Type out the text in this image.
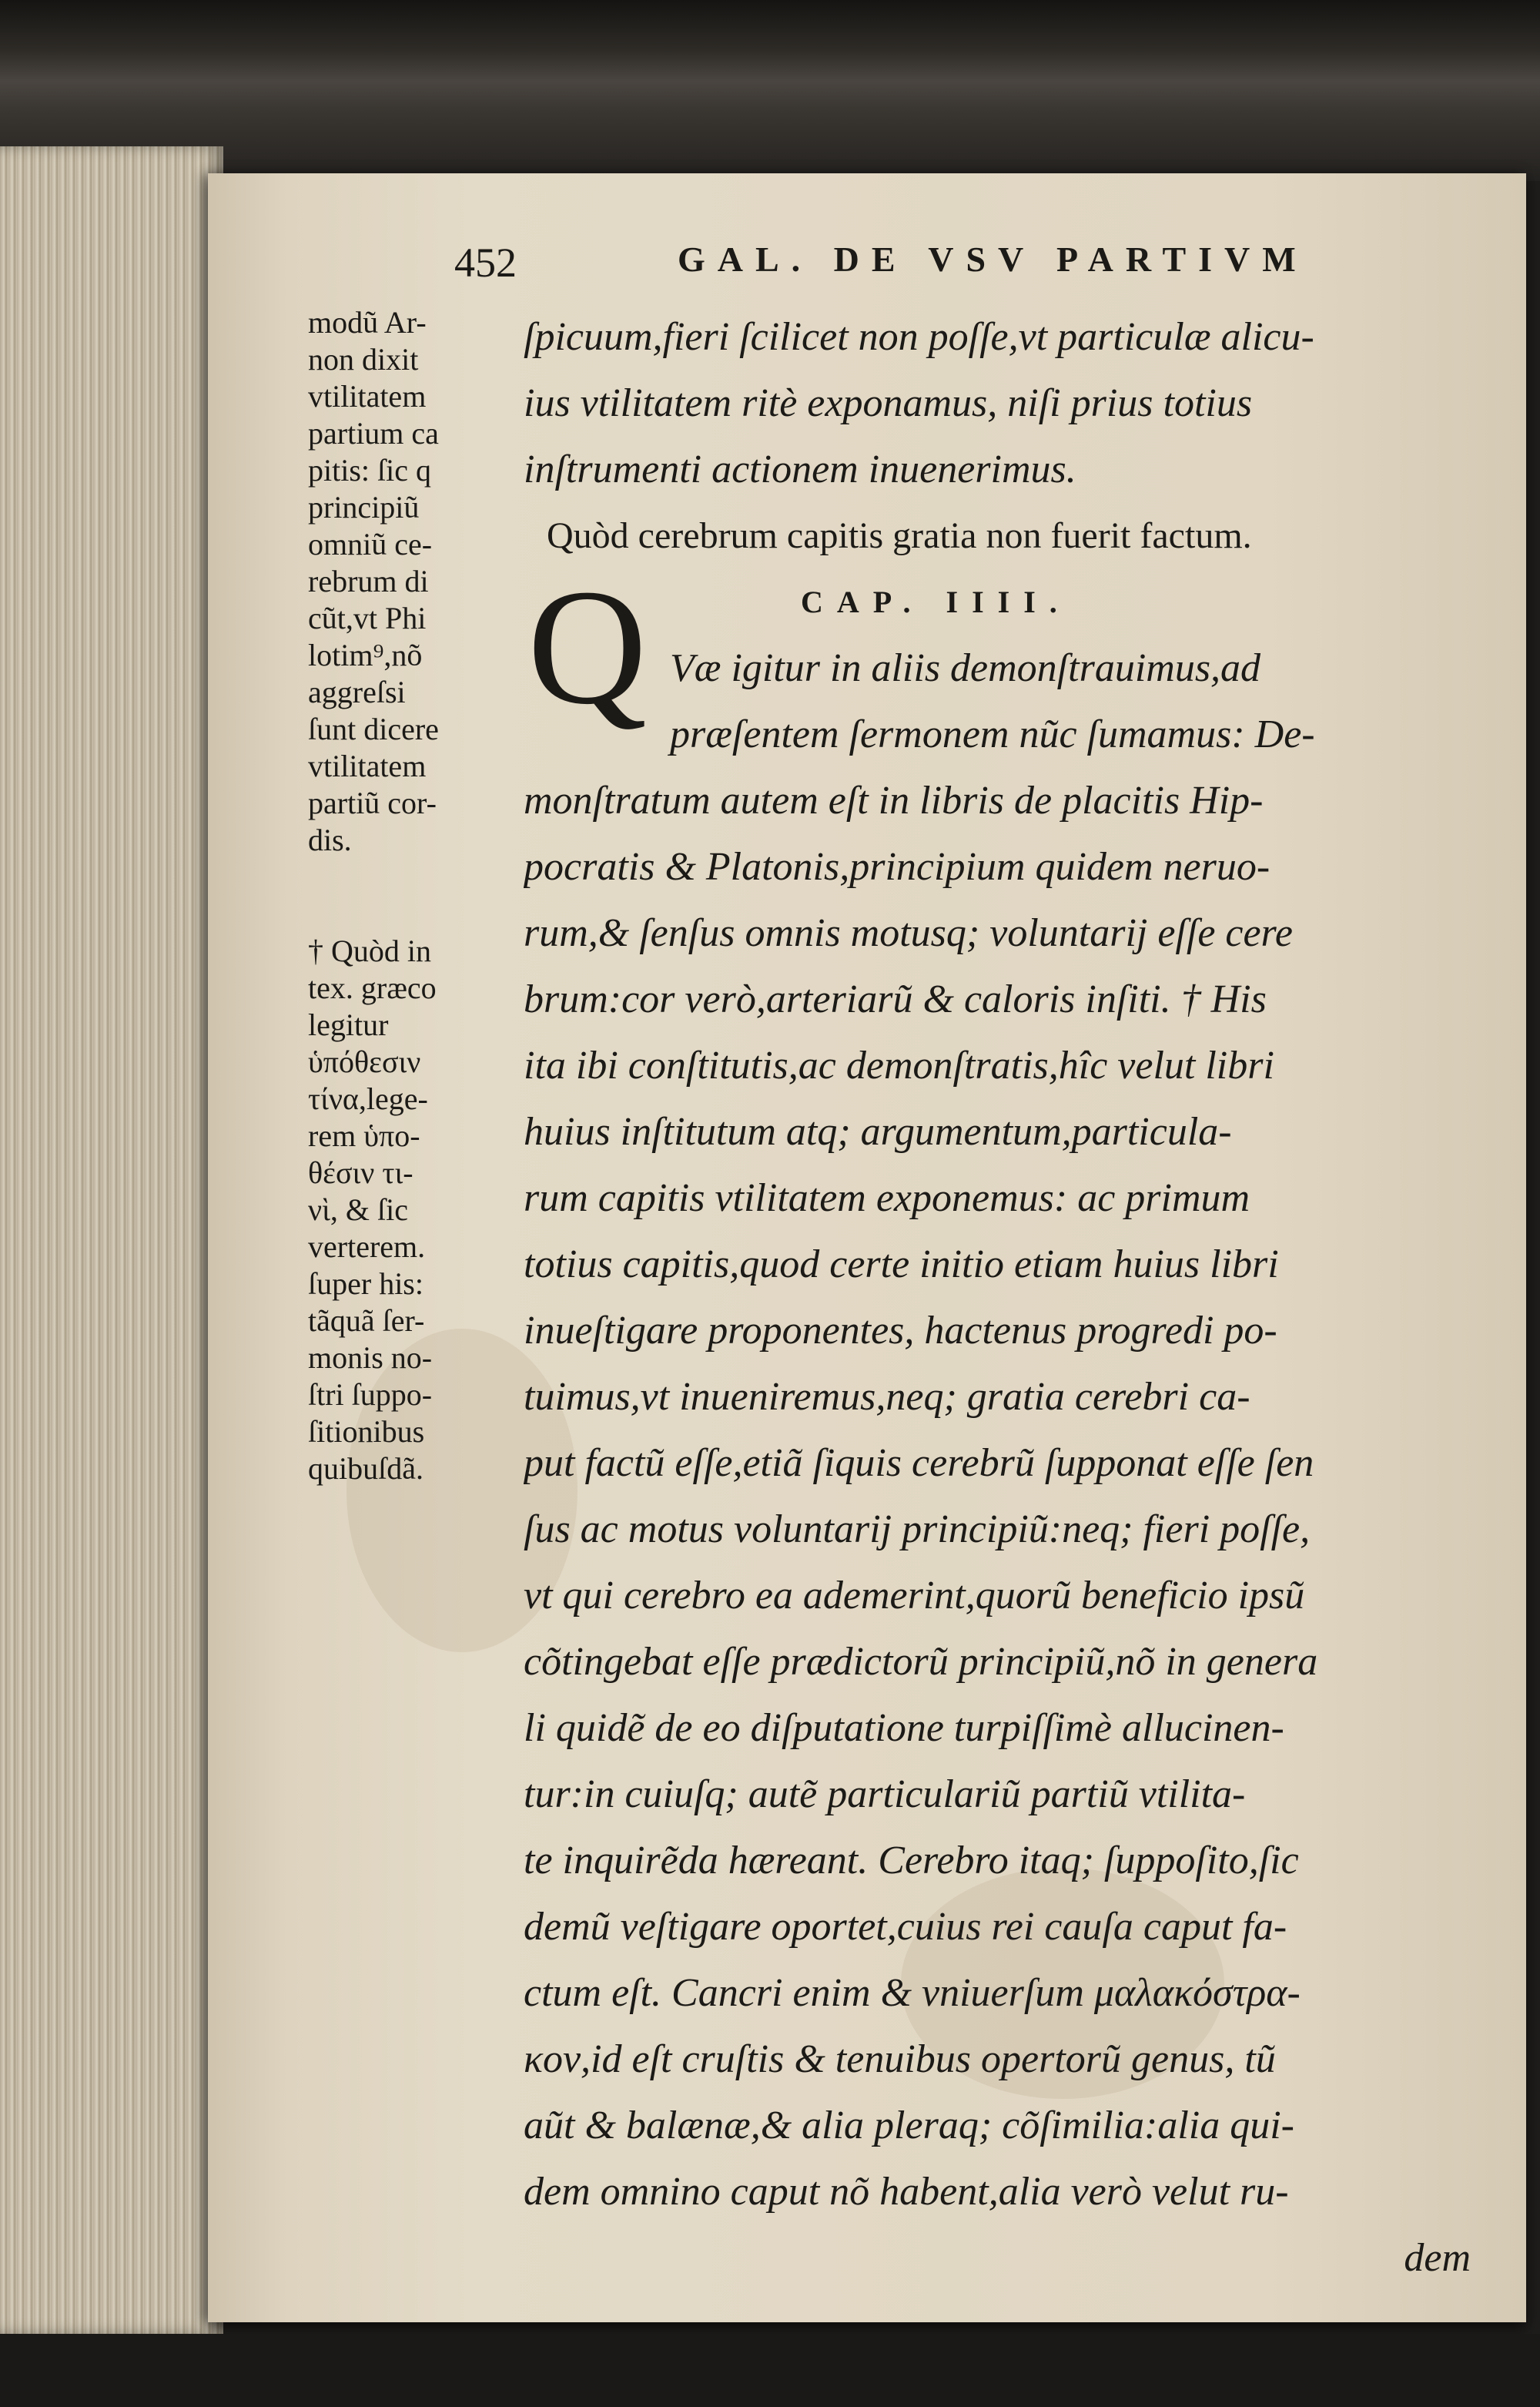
452	GAL. DE VSV PARTIVM
ſpicuum,fieri ſcilicet non poſſe,vt particulæ alicu-
ius vtilitatem ritè exponamus, niſi prius totius
inſtrumenti actionem inuenerimus.
Quòd cerebrum capitis gratia non fuerit factum.
CAP. IIII.
Væ igitur in aliis demonſtrauimus,ad
præſentem ſermonem nũc ſumamus: De-
monſtratum autem eſt in libris de placitis Hip-
pocratis & Platonis,principium quidem neruo-
rum,& ſenſus omnis motusq; voluntarij eſſe cere
brum:cor verò,arteriarũ & caloris inſiti. † His
ita ibi conſtitutis,ac demonſtratis,hîc velut libri
huius inſtitutum atq; argumentum,particula-
rum capitis vtilitatem exponemus: ac primum
totius capitis,quod certe initio etiam huius libri
inueſtigare proponentes, hactenus progredi po-
tuimus,vt inueniremus,neq; gratia cerebri ca-
put factũ eſſe,etiã ſiquis cerebrũ ſupponat eſſe ſen
ſus ac motus voluntarij principiũ:neq; fieri poſſe,
vt qui cerebro ea ademerint,quorũ beneficio ipsũ
cõtingebat eſſe prædictorũ principiũ,nõ in genera
li quidẽ de eo diſputatione turpiſſimè allucinen-
tur:in cuiuſq; autẽ particulariũ partiũ vtilita-
te inquirẽda hæreant. Cerebro itaq; ſuppoſito,ſic
demũ veſtigare oportet,cuius rei cauſa caput fa-
ctum eſt. Cancri enim & vniuerſum μαλακόστρα-
κον,id eſt cruſtis & tenuibus opertorũ genus, tũ
aũt & balænæ,& alia pleraq; cõſimilia:alia qui-
dem omnino caput nõ habent,alia verò velut ru-
dem
Q
modũ Ar-
non dixit
vtilitatem
partium ca
pitis: ſic q
principiũ
omniũ ce-
rebrum di
cũt,vt Phi
lotim⁹,nõ
aggreſsi
ſunt dicere
vtilitatem
partiũ cor-
dis.
† Quòd in
tex. græco
legitur
ὑπόθεσιν
τίνα,lege-
rem ὑπο-
θέσιν τι-
νὶ, & ſic
verterem.
ſuper his:
tãquã ſer-
monis no-
ſtri ſuppo-
ſitionibus
quibuſdã.
